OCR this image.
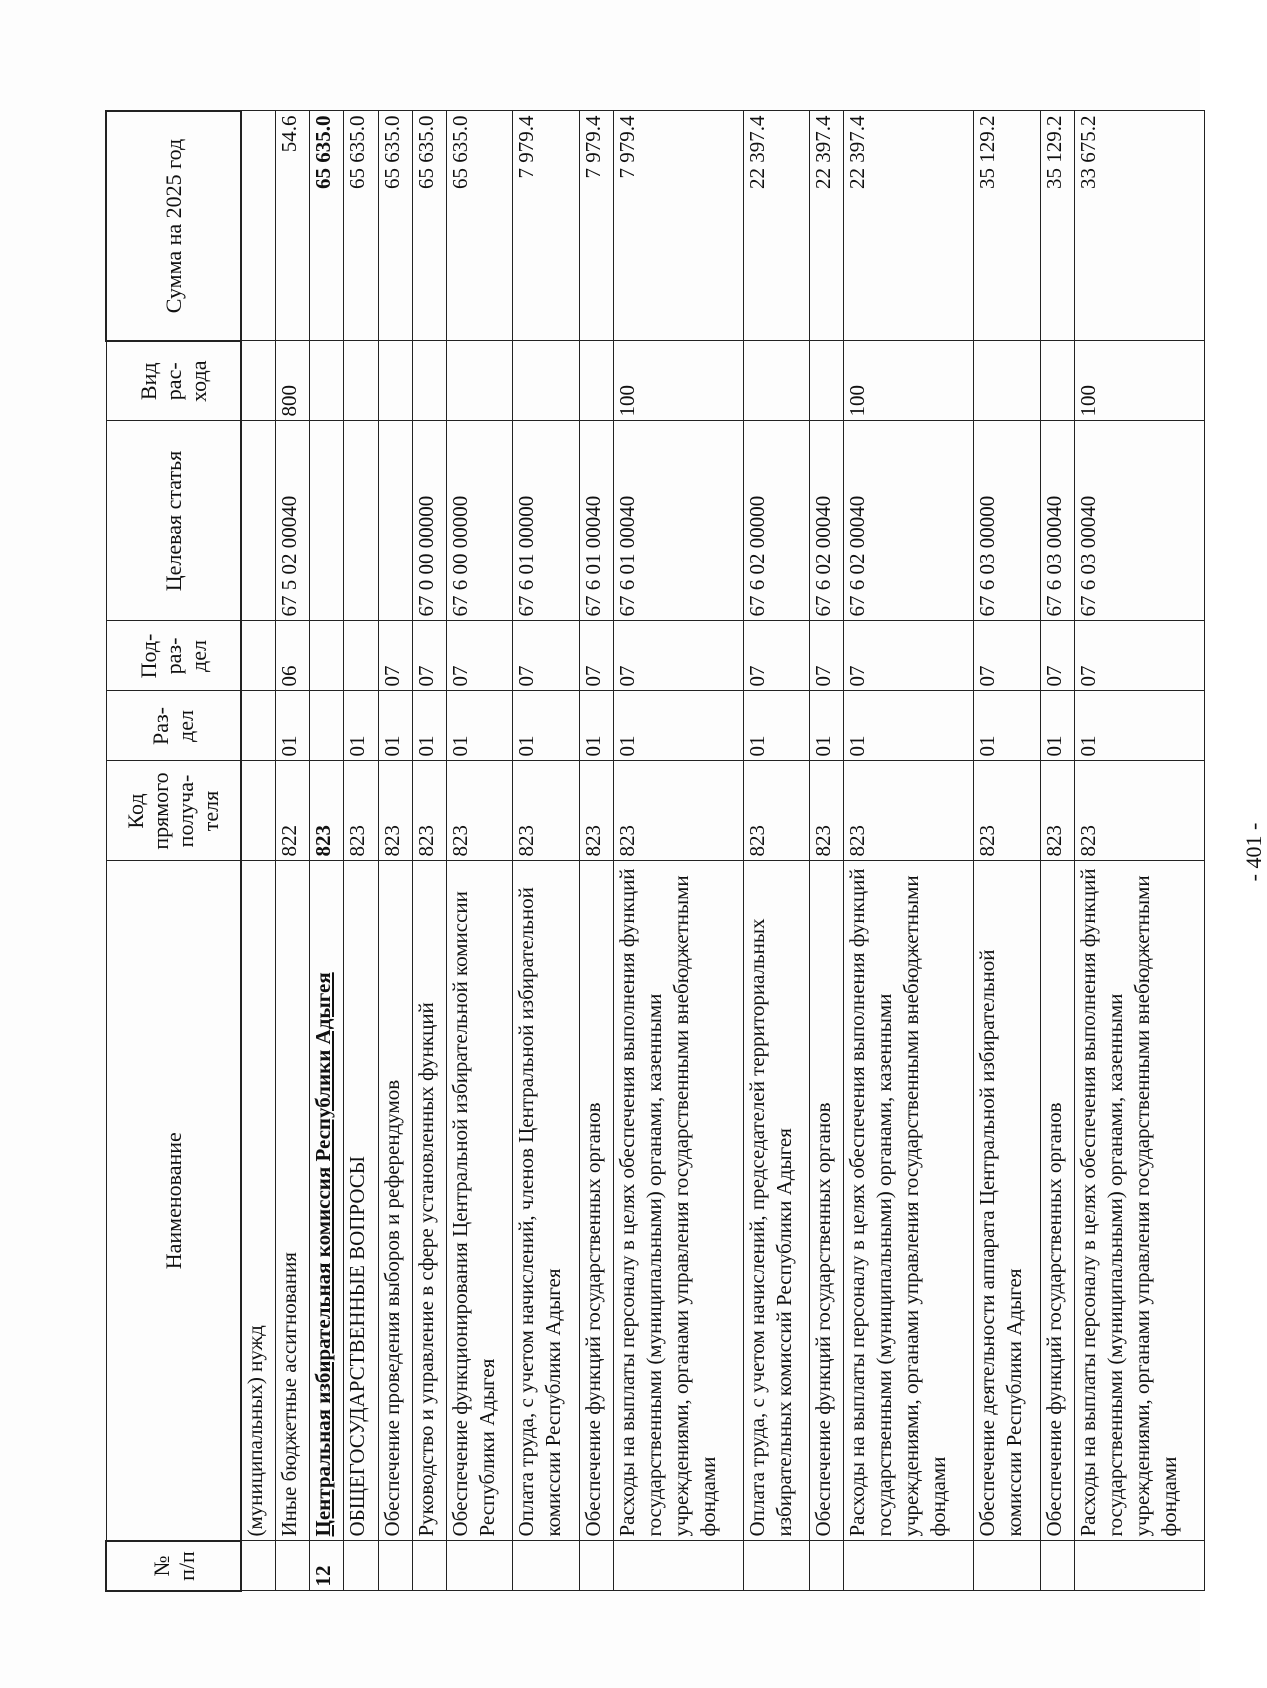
№ п/п	Наименование	Код прямого получа-теля	Раз-дел	Под-раз-дел	Целевая статья	Вид рас-хода	Сумма на 2025 год
	(муниципальных) нужд						
	Иные бюджетные ассигнования	822	01	06	67 5 02 00040	800	54.6
12	Центральная избирательная комиссия Республики Адыгея	823					65 635.0
	ОБЩЕГОСУДАРСТВЕННЫЕ ВОПРОСЫ	823	01				65 635.0
	Обеспечение проведения выборов и референдумов	823	01	07			65 635.0
	Руководство и управление в сфере установленных функций	823	01	07	67 0 00 00000		65 635.0
	Обеспечение функционирования Центральной избирательной комиссии Республики Адыгея	823	01	07	67 6 00 00000		65 635.0
	Оплата труда, с учетом начислений, членов Центральной избирательной комиссии Республики Адыгея	823	01	07	67 6 01 00000		7 979.4
	Обеспечение функций государственных органов	823	01	07	67 6 01 00040		7 979.4
	Расходы на выплаты персоналу в целях обеспечения выполнения функций государственными (муниципальными) органами, казенными учреждениями, органами управления государственными внебюджетными фондами	823	01	07	67 6 01 00040	100	7 979.4
	Оплата труда, с учетом начислений, председателей территориальных избирательных комиссий Республики Адыгея	823	01	07	67 6 02 00000		22 397.4
	Обеспечение функций государственных органов	823	01	07	67 6 02 00040		22 397.4
	Расходы на выплаты персоналу в целях обеспечения выполнения функций государственными (муниципальными) органами, казенными учреждениями, органами управления государственными внебюджетными фондами	823	01	07	67 6 02 00040	100	22 397.4
	Обеспечение деятельности аппарата Центральной избирательной комиссии Республики Адыгея	823	01	07	67 6 03 00000		35 129.2
	Обеспечение функций государственных органов	823	01	07	67 6 03 00040		35 129.2
	Расходы на выплаты персоналу в целях обеспечения выполнения функций государственными (муниципальными) органами, казенными учреждениями, органами управления государственными внебюджетными фондами	823	01	07	67 6 03 00040	100	33 675.2
- 401 -
